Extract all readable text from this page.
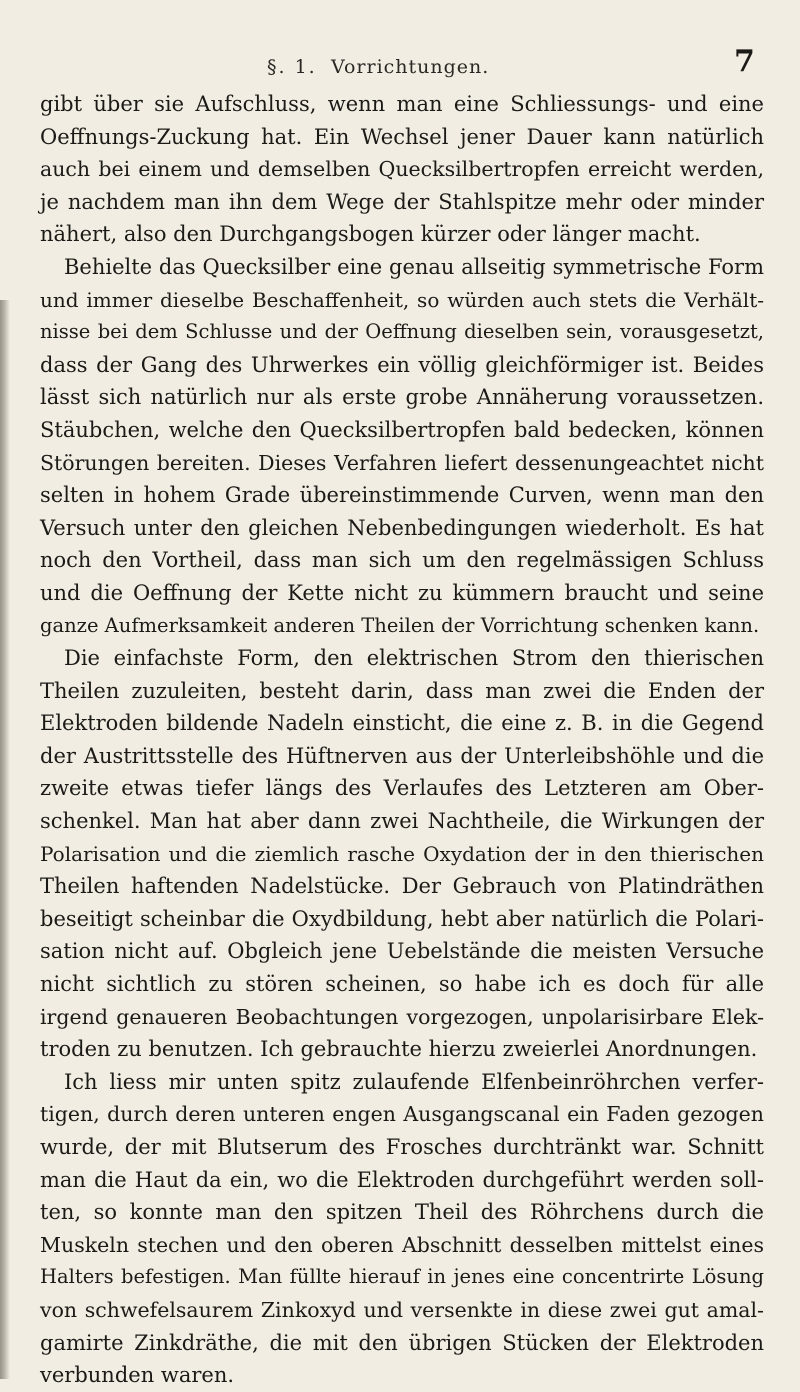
§. 1. Vorrichtungen.	7
gibt über sie Aufschluss, wenn man eine Schliessungs- und eine
Oeffnungs-Zuckung hat. Ein Wechsel jener Dauer kann natürlich
auch bei einem und demselben Quecksilbertropfen erreicht werden,
je nachdem man ihn dem Wege der Stahlspitze mehr oder minder
nähert, also den Durchgangsbogen kürzer oder länger macht.
Behielte das Quecksilber eine genau allseitig symmetrische Form
und immer dieselbe Beschaffenheit, so würden auch stets die Verhält-
nisse bei dem Schlusse und der Oeffnung dieselben sein, vorausgesetzt,
dass der Gang des Uhrwerkes ein völlig gleichförmiger ist. Beides
lässt sich natürlich nur als erste grobe Annäherung voraussetzen.
Stäubchen, welche den Quecksilbertropfen bald bedecken, können
Störungen bereiten. Dieses Verfahren liefert dessenungeachtet nicht
selten in hohem Grade übereinstimmende Curven, wenn man den
Versuch unter den gleichen Nebenbedingungen wiederholt. Es hat
noch den Vortheil, dass man sich um den regelmässigen Schluss
und die Oeffnung der Kette nicht zu kümmern braucht und seine
ganze Aufmerksamkeit anderen Theilen der Vorrichtung schenken kann.
Die einfachste Form, den elektrischen Strom den thierischen
Theilen zuzuleiten, besteht darin, dass man zwei die Enden der
Elektroden bildende Nadeln einsticht, die eine z. B. in die Gegend
der Austrittsstelle des Hüftnerven aus der Unterleibshöhle und die
zweite etwas tiefer längs des Verlaufes des Letzteren am Ober-
schenkel. Man hat aber dann zwei Nachtheile, die Wirkungen der
Polarisation und die ziemlich rasche Oxydation der in den thierischen
Theilen haftenden Nadelstücke. Der Gebrauch von Platindräthen
beseitigt scheinbar die Oxydbildung, hebt aber natürlich die Polari-
sation nicht auf. Obgleich jene Uebelstände die meisten Versuche
nicht sichtlich zu stören scheinen, so habe ich es doch für alle
irgend genaueren Beobachtungen vorgezogen, unpolarisirbare Elek-
troden zu benutzen. Ich gebrauchte hierzu zweierlei Anordnungen.
Ich liess mir unten spitz zulaufende Elfenbeinröhrchen verfer-
tigen, durch deren unteren engen Ausgangscanal ein Faden gezogen
wurde, der mit Blutserum des Frosches durchtränkt war. Schnitt
man die Haut da ein, wo die Elektroden durchgeführt werden soll-
ten, so konnte man den spitzen Theil des Röhrchens durch die
Muskeln stechen und den oberen Abschnitt desselben mittelst eines
Halters befestigen. Man füllte hierauf in jenes eine concentrirte Lösung
von schwefelsaurem Zinkoxyd und versenkte in diese zwei gut amal-
gamirte Zinkdräthe, die mit den übrigen Stücken der Elektroden
verbunden waren.
